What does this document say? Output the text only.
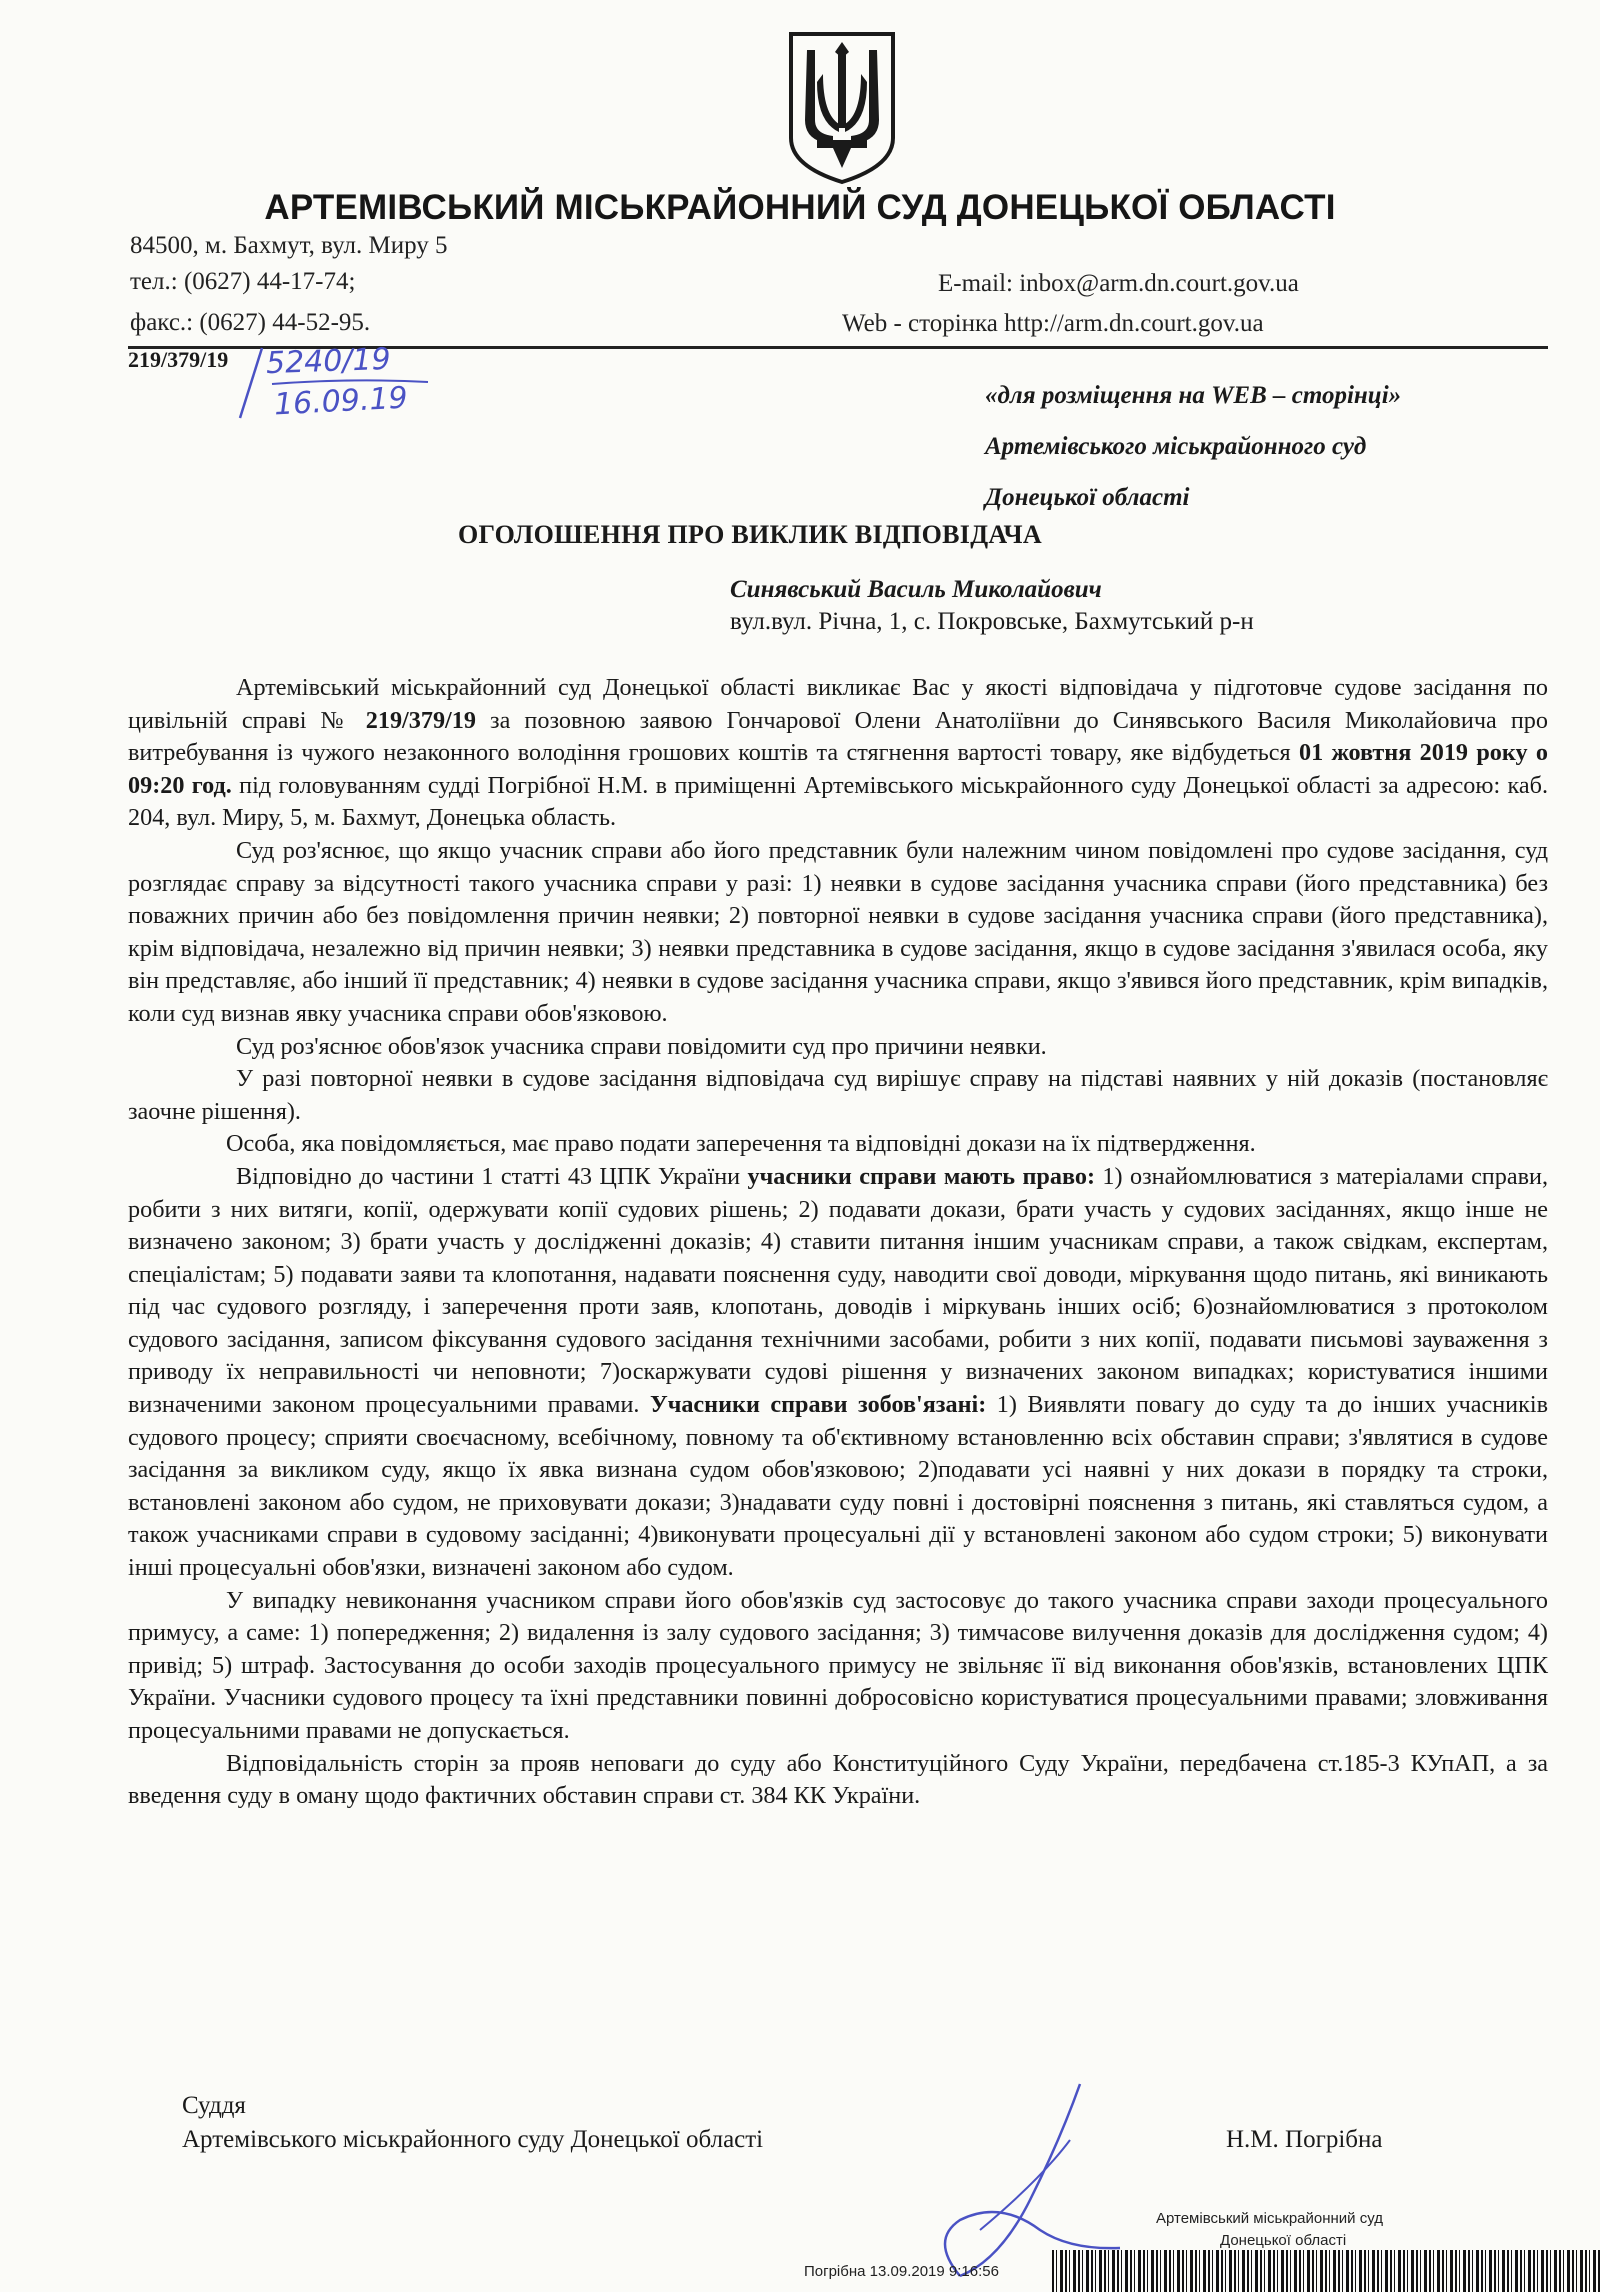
АРТЕМІВСЬКИЙ МІСЬКРАЙОННИЙ СУД ДОНЕЦЬКОЇ ОБЛАСТІ
84500, м. Бахмут, вул. Миру 5
тел.: (0627) 44-17-74;
факс.: (0627) 44-52-95.
E-mail: inbox@arm.dn.court.gov.ua
Web - сторінка http://arm.dn.court.gov.ua
219/379/19 5240/19
16.09.19	«для розміщення на WEB – сторінці»
Артемівського міськрайонного суд
Донецької області
ОГОЛОШЕННЯ ПРО ВИКЛИК ВІДПОВІДАЧА
Синявський Василь Миколайович
вул.вул. Річна, 1, с. Покровське, Бахмутський р-н

Артемівський міськрайонний суд Донецької області викликає Вас у якості відповідача у підготовче судове засідання по цивільній справі № 219/379/19 за позовною заявою Гончарової Олени Анатоліївни до Синявського Василя Миколайовича про витребування із чужого незаконного володіння грошових коштів та стягнення вартості товару, яке відбудеться 01 жовтня 2019 року о 09:20 год. під головуванням судді Погрібної Н.М. в приміщенні Артемівського міськрайонного суду Донецької області за адресою: каб. 204, вул. Миру, 5, м. Бахмут, Донецька область.

Суд роз'яснює, що якщо учасник справи або його представник були належним чином повідомлені про судове засідання, суд розглядає справу за відсутності такого учасника справи у разі: 1) неявки в судове засідання учасника справи (його представника) без поважних причин або без повідомлення причин неявки; 2) повторної неявки в судове засідання учасника справи (його представника), крім відповідача, незалежно від причин неявки; 3) неявки представника в судове засідання, якщо в судове засідання з'явилася особа, яку він представляє, або інший її представник; 4) неявки в судове засідання учасника справи, якщо з'явився його представник, крім випадків, коли суд визнав явку учасника справи обов'язковою.

Суд роз'яснює обов'язок учасника справи повідомити суд про причини неявки.

У разі повторної неявки в судове засідання відповідача суд вирішує справу на підставі наявних у ній доказів (постановляє заочне рішення).

Особа, яка повідомляється, має право подати заперечення та відповідні докази на їх підтвердження.

Відповідно до частини 1 статті 43 ЦПК України учасники справи мають право: 1) ознайомлюватися з матеріалами справи, робити з них витяги, копії, одержувати копії судових рішень; 2) подавати докази, брати участь у судових засіданнях, якщо інше не визначено законом; 3) брати участь у дослідженні доказів; 4) ставити питання іншим учасникам справи, а також свідкам, експертам, спеціалістам; 5) подавати заяви та клопотання, надавати пояснення суду, наводити свої доводи, міркування щодо питань, які виникають під час судового розгляду, і заперечення проти заяв, клопотань, доводів і міркувань інших осіб; 6)ознайомлюватися з протоколом судового засідання, записом фіксування судового засідання технічними засобами, робити з них копії, подавати письмові зауваження з приводу їх неправильності чи неповноти; 7)оскаржувати судові рішення у визначених законом випадках; користуватися іншими визначеними законом процесуальними правами. Учасники справи зобов'язані: 1) Виявляти повагу до суду та до інших учасників судового процесу; сприяти своєчасному, всебічному, повному та об'єктивному встановленню всіх обставин справи; з'являтися в судове засідання за викликом суду, якщо їх явка визнана судом обов'язковою; 2)подавати усі наявні у них докази в порядку та строки, встановлені законом або судом, не приховувати докази; 3)надавати суду повні і достовірні пояснення з питань, які ставляться судом, а також учасниками справи в судовому засіданні; 4)виконувати процесуальні дії у встановлені законом або судом строки; 5) виконувати інші процесуальні обов'язки, визначені законом або судом.

У випадку невиконання учасником справи його обов'язків суд застосовує до такого учасника справи заходи процесуального примусу, а саме: 1) попередження; 2) видалення із залу судового засідання; 3) тимчасове вилучення доказів для дослідження судом; 4) привід; 5) штраф. Застосування до особи заходів процесуального примусу не звільняє її від виконання обов'язків, встановлених ЦПК України. Учасники судового процесу та їхні представники повинні добросовісно користуватися процесуальними правами; зловживання процесуальними правами не допускається.

Відповідальність сторін за прояв неповаги до суду або Конституційного Суду України, передбачена ст.185-3 КУпАП, а за введення суду в оману щодо фактичних обставин справи ст. 384 КК України.

Суддя
Артемівського міськрайонного суду Донецької області	Н.М. Погрібна
Артемівський міськрайонний суд
Донецької області
Погрібна 13.09.2019 9:16:56
